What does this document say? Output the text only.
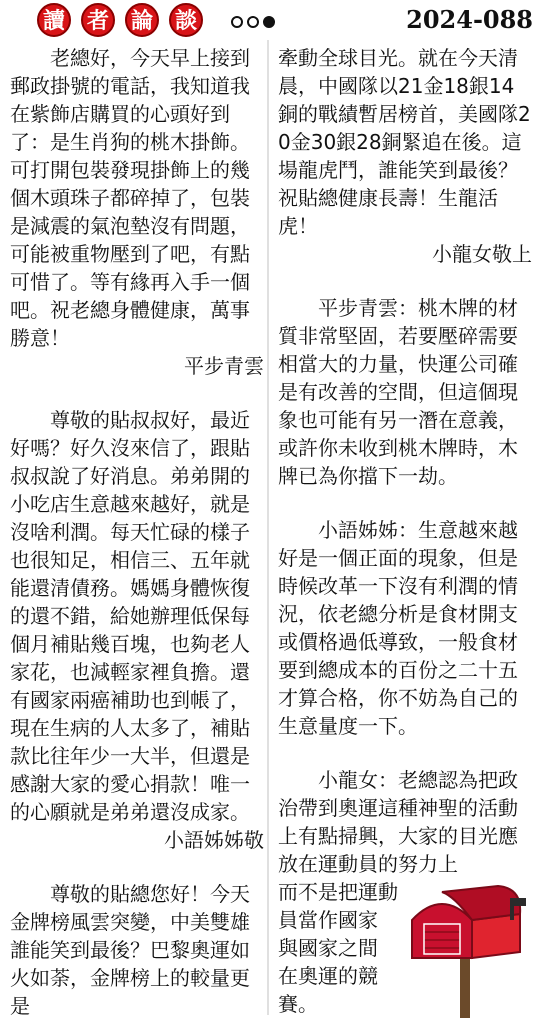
讀 者 論 談	2024-088

老總好，今天早上接到郵政掛號的電話，我知道我在紫飾店購買的心頭好到了：是生肖狗的桃木掛飾。可打開包裝發現掛飾上的幾個木頭珠子都碎掉了，包裝是減震的氣泡墊沒有問題，可能被重物壓到了吧，有點可惜了。等有緣再入手一個吧。祝老總身體健康，萬事勝意！

平步青雲

尊敬的貼叔叔好，最近好嗎？好久沒來信了，跟貼叔叔說了好消息。弟弟開的小吃店生意越來越好，就是沒啥利潤。每天忙碌的樣子也很知足，相信三、五年就能還清債務。媽媽身體恢復的還不錯，給她辦理低保每個月補貼幾百塊，也夠老人家花，也減輕家裡負擔。還有國家兩癌補助也到帳了，現在生病的人太多了，補貼款比往年少一大半，但還是感謝大家的愛心捐款！唯一的心願就是弟弟還沒成家。

小語姊姊敬

尊敬的貼總您好！今天金牌榜風雲突變，中美雙雄誰能笑到最後？巴黎奧運如火如荼，金牌榜上的較量更是

牽動全球目光。就在今天清晨，中國隊以21金18銀14銅的戰績暫居榜首，美國隊20金30銀28銅緊追在後。這場龍虎鬥，誰能笑到最後？祝貼總健康長壽！生龍活虎！

小龍女敬上

平步青雲：桃木牌的材質非常堅固，若要壓碎需要相當大的力量，快運公司確是有改善的空間，但這個現象也可能有另一潛在意義，或許你未收到桃木牌時，木牌已為你擋下一劫。

小語姊姊：生意越來越好是一個正面的現象，但是時候改革一下沒有利潤的情況，依老總分析是食材開支或價格過低導致，一般食材要到總成本的百份之二十五才算合格，你不妨為自己的生意量度一下。

小龍女：老總認為把政治帶到奧運這種神聖的活動上有點掃興，大家的目光應放在運動員的努力上

而不是把運動

員當作國家

與國家之間

在奧運的競

賽。
